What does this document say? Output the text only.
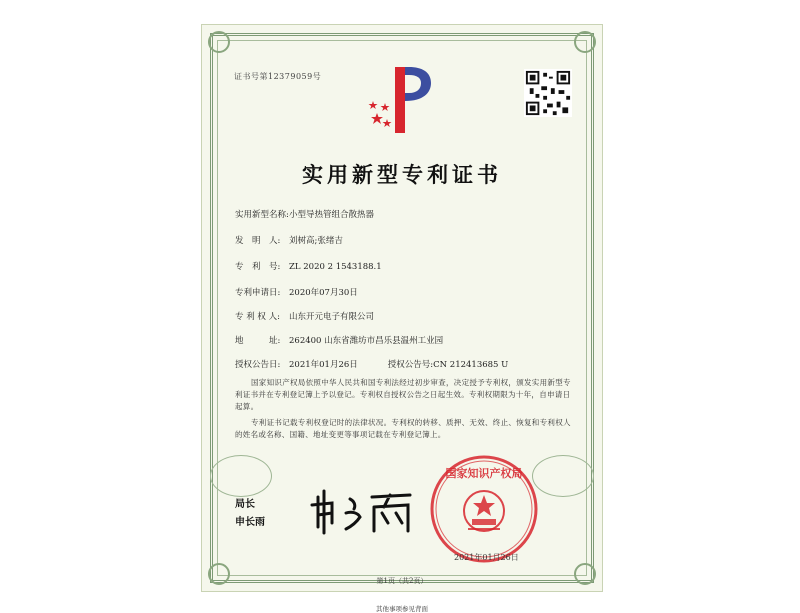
证书号第12379059号
实用新型专利证书
实用新型名称:小型导热管组合散热器
发　明　人: 刘树高;张绪吉
专　利　号: ZL 2020 2 1543188.1
专利申请日: 2020年07月30日
专 利 权 人: 山东开元电子有限公司
地　　　址: 262400 山东省潍坊市昌乐县温州工业园
授权公告日: 2021年01月26日	授权公告号:CN 212413685 U
国家知识产权局依照中华人民共和国专利法经过初步审查，决定授予专利权，颁发实用新型专利证书并在专利登记簿上予以登记。专利权自授权公告之日起生效。专利权期限为十年，自申请日起算。
专利证书记载专利权登记时的法律状况。专利权的转移、质押、无效、终止、恢复和专利权人的姓名或名称、国籍、地址变更等事项记载在专利登记簿上。
局长
申长雨
国家知识产权局
2021年01月26日
第1页（共2页）
其他事项参见背面
